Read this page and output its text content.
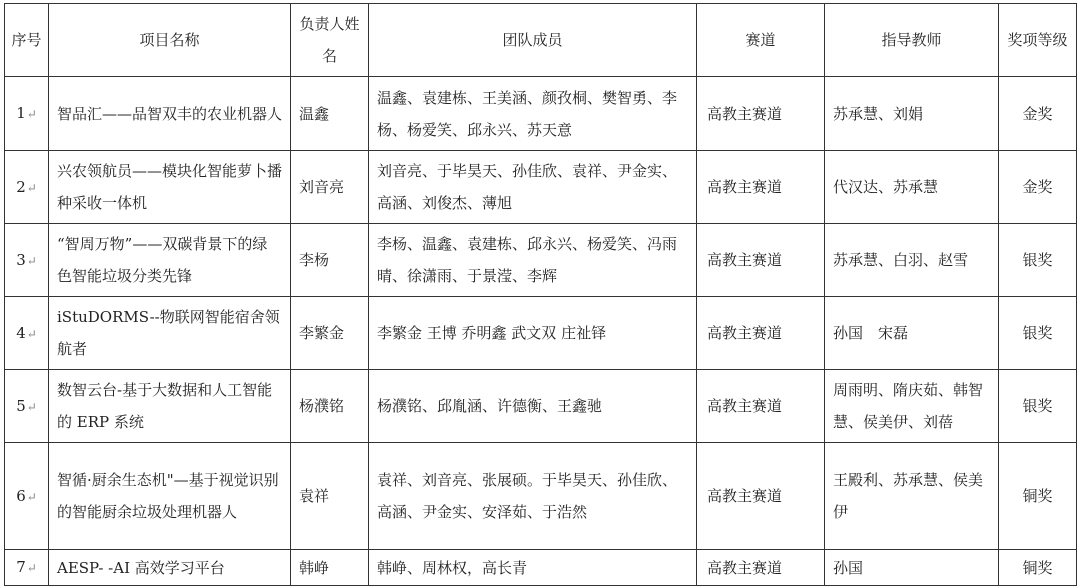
序号	项目名称	负责人姓名	团队成员	赛道	指导教师	奖项等级
1↵	智品汇——品智双丰的农业机器人	温鑫	温鑫、袁建栋、王美涵、颜孜桐、樊智勇、李杨、杨爱笑、邱永兴、苏天意	高教主赛道	苏承慧、刘娟	金奖
2↵	兴农领航员——模块化智能萝卜播种采收一体机	刘音亮	刘音亮、于毕昊天、孙佳欣、袁祥、尹金实、高涵、刘俊杰、薄旭	高教主赛道	代汉达、苏承慧	金奖
3↵	“智周万物”——双碳背景下的绿色智能垃圾分类先锋	李杨	李杨、温鑫、袁建栋、邱永兴、杨爱笑、冯雨晴、徐潇雨、于景滢、李辉	高教主赛道	苏承慧、白羽、赵雪	银奖
4↵	iStuDORMS--物联网智能宿舍领航者	李繁金	李繁金 王博 乔明鑫 武文双 庄祉铎	高教主赛道	孙国　宋磊	银奖
5↵	数智云台-基于大数据和人工智能的 ERP 系统	杨濮铭	杨濮铭、邱胤涵、许德衡、王鑫驰	高教主赛道	周雨明、隋庆茹、韩智慧、侯美伊、刘蓓	银奖
6↵	智循·厨余生态机"—基于视觉识别的智能厨余垃圾处理机器人	袁祥	袁祥、刘音亮、张展硕。于毕昊天、孙佳欣、高涵、尹金实、安泽茹、于浩然	高教主赛道	王殿利、苏承慧、侯美伊	铜奖
7↵	AESP- -AI 高效学习平台	韩峥	韩峥、周林权，高长青	高教主赛道	孙国	铜奖
